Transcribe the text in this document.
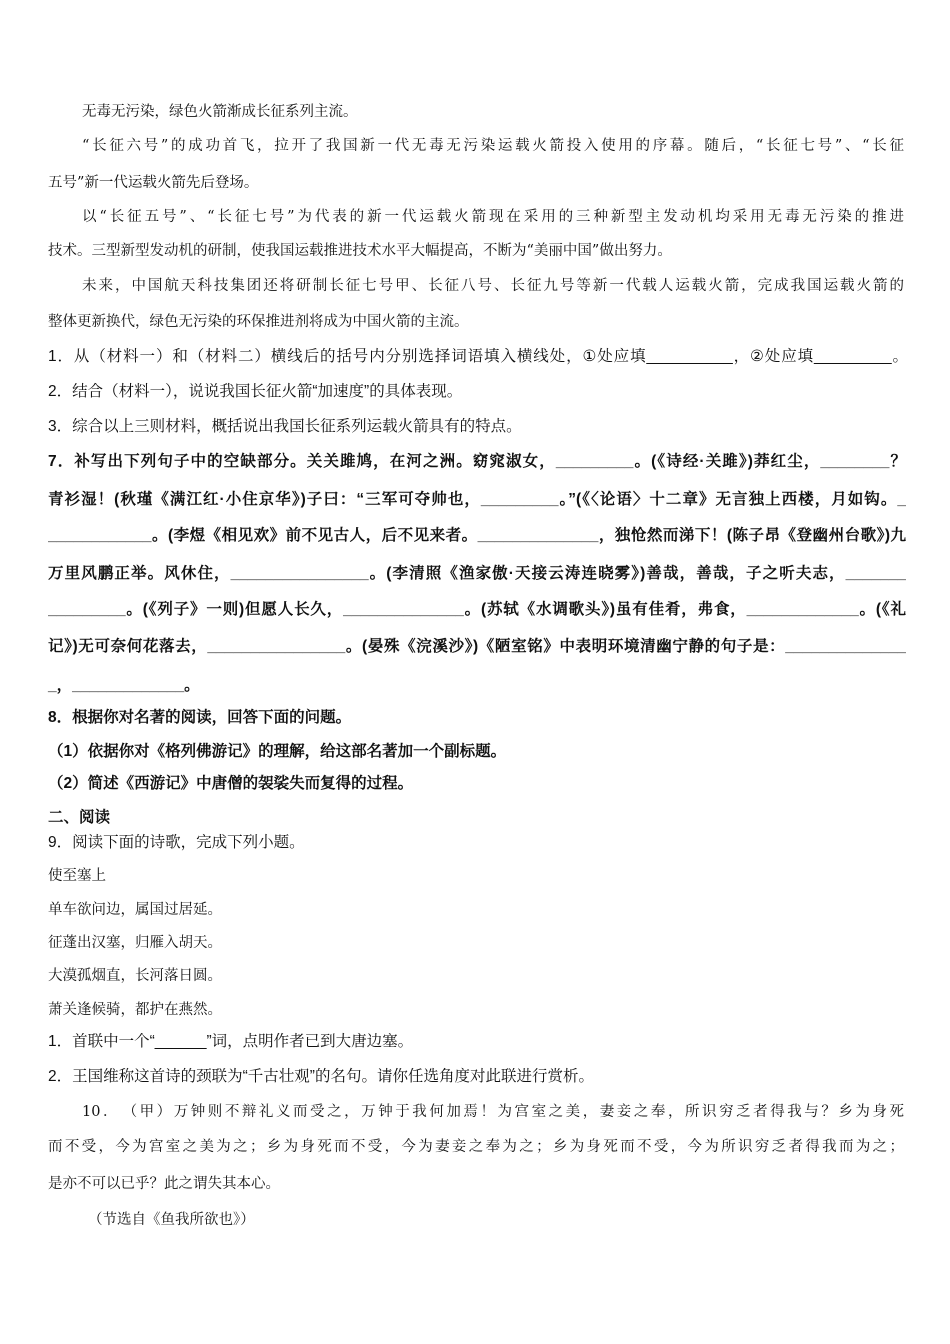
无毒无污染，绿色火箭渐成长征系列主流。
“长征六号”的成功首飞，拉开了我国新一代无毒无污染运载火箭投入使用的序幕。随后，“长征七号”、“长征
五号”新一代运载火箭先后登场。
以“长征五号”、“长征七号”为代表的新一代运载火箭现在采用的三种新型主发动机均采用无毒无污染的推进
技术。三型新型发动机的研制，使我国运载推进技术水平大幅提高，不断为“美丽中国”做出努力。
未来，中国航天科技集团还将研制长征七号甲、长征八号、长征九号等新一代载人运载火箭，完成我国运载火箭的
整体更新换代，绿色无污染的环保推进剂将成为中国火箭的主流。
1．从（材料一）和（材料二）横线后的括号内分别选择词语填入横线处，①处应填__________，②处应填_________。
2．结合（材料一），说说我国长征火箭“加速度”的具体表现。
3．综合以上三则材料，概括说出我国长征系列运载火箭具有的特点。
7．补写出下列句子中的空缺部分。关关雎鸠，在河之洲。窈窕淑女，_________。(《诗经·关雎》)莽红尘，________？
青衫湿！(秋瑾《满江红·小住京华》)子曰：“三军可夺帅也，_________。”(《〈论语〉十二章》无言独上西楼，月如钩。_
____________。(李煜《相见欢》前不见古人，后不见来者。______________，独怆然而涕下！(陈子昂《登幽州台歌》)九
万里风鹏正举。风休住，________________。(李清照《渔家傲·天接云涛连晓雾》)善哉，善哉，子之听夫志，_______
_________。(《列子》一则)但愿人长久，______________。(苏轼《水调歌头》)虽有佳肴，弗食，_____________。(《礼
记》)无可奈何花落去，________________。(晏殊《浣溪沙》)《陋室铭》中表明环境清幽宁静的句子是：______________
_，_____________。
8．根据你对名著的阅读，回答下面的问题。
（1）依据你对《格列佛游记》的理解，给这部名著加一个副标题。
（2）简述《西游记》中唐僧的袈裟失而复得的过程。
二、阅读
9．阅读下面的诗歌，完成下列小题。
使至塞上
单车欲问边，属国过居延。
征蓬出汉塞，归雁入胡天。
大漠孤烟直，长河落日圆。
萧关逢候骑，都护在燕然。
1．首联中一个“______”词，点明作者已到大唐边塞。
2．王国维称这首诗的颈联为“千古壮观”的名句。请你任选角度对此联进行赏析。
10．　（甲）万钟则不辩礼义而受之，万钟于我何加焉！为宫室之美，妻妾之奉，所识穷乏者得我与？乡为身死
而不受，今为宫室之美为之；乡为身死而不受，今为妻妾之奉为之；乡为身死而不受，今为所识穷乏者得我而为之；
是亦不可以已乎？此之谓失其本心。
（节选自《鱼我所欲也》）
